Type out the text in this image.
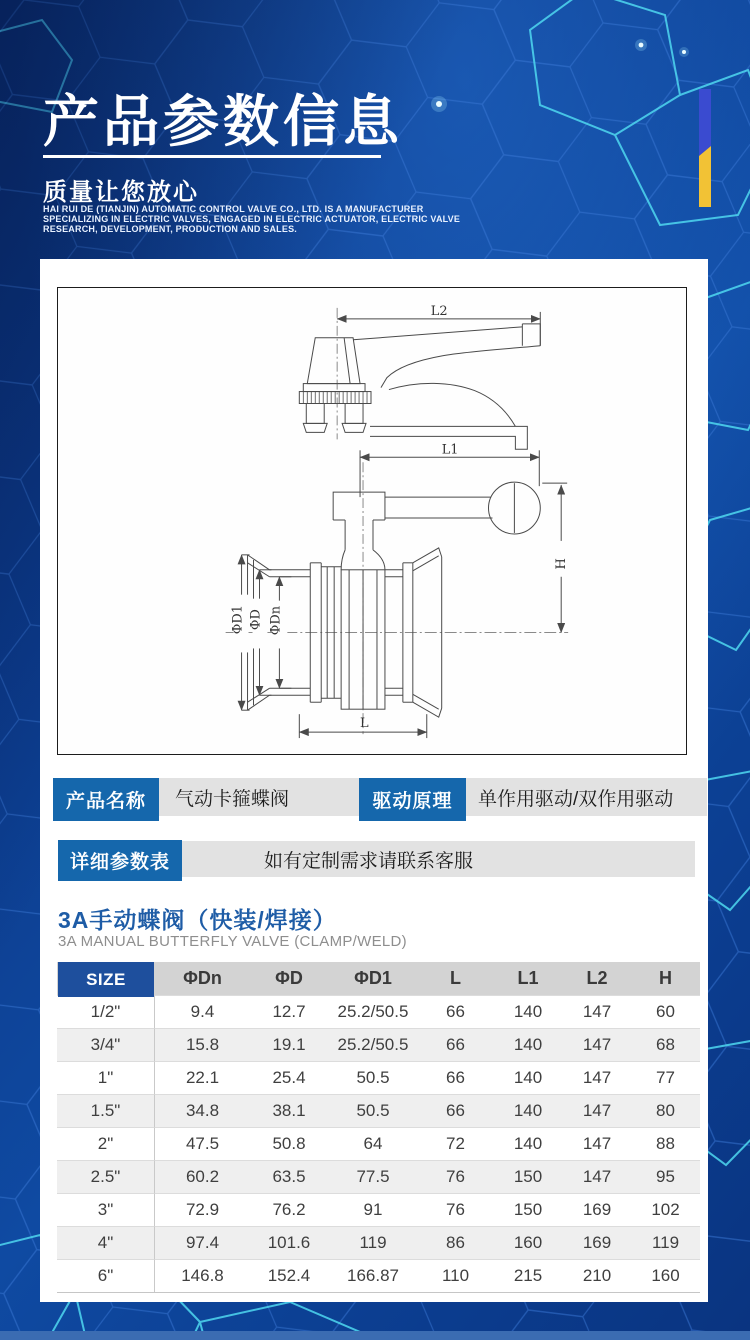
产品参数信息
质量让您放心
HAI RUI DE (TIANJIN) AUTOMATIC CONTROL VALVE CO., LTD. IS A MANUFACTURER
SPECIALIZING IN ELECTRIC VALVES, ENGAGED IN ELECTRIC ACTUATOR, ELECTRIC VALVE
RESEARCH, DEVELOPMENT, PRODUCTION AND SALES.
L2
L1
H
ΦD1 ΦD ΦDn
L
产品名称	气动卡箍蝶阀	驱动原理	单作用驱动/双作用驱动
详细参数表	如有定制需求请联系客服
3A手动蝶阀（快装/焊接）
3A MANUAL BUTTERFLY VALVE (CLAMP/WELD)
SIZE	ΦDn	ΦD	ΦD1	L	L1	L2	H
1/2"	9.4	12.7	25.2/50.5	66	140	147	60
3/4"	15.8	19.1	25.2/50.5	66	140	147	68
1"	22.1	25.4	50.5	66	140	147	77
1.5"	34.8	38.1	50.5	66	140	147	80
2"	47.5	50.8	64	72	140	147	88
2.5"	60.2	63.5	77.5	76	150	147	95
3"	72.9	76.2	91	76	150	169	102
4"	97.4	101.6	119	86	160	169	119
6"	146.8	152.4	166.87	110	215	210	160
